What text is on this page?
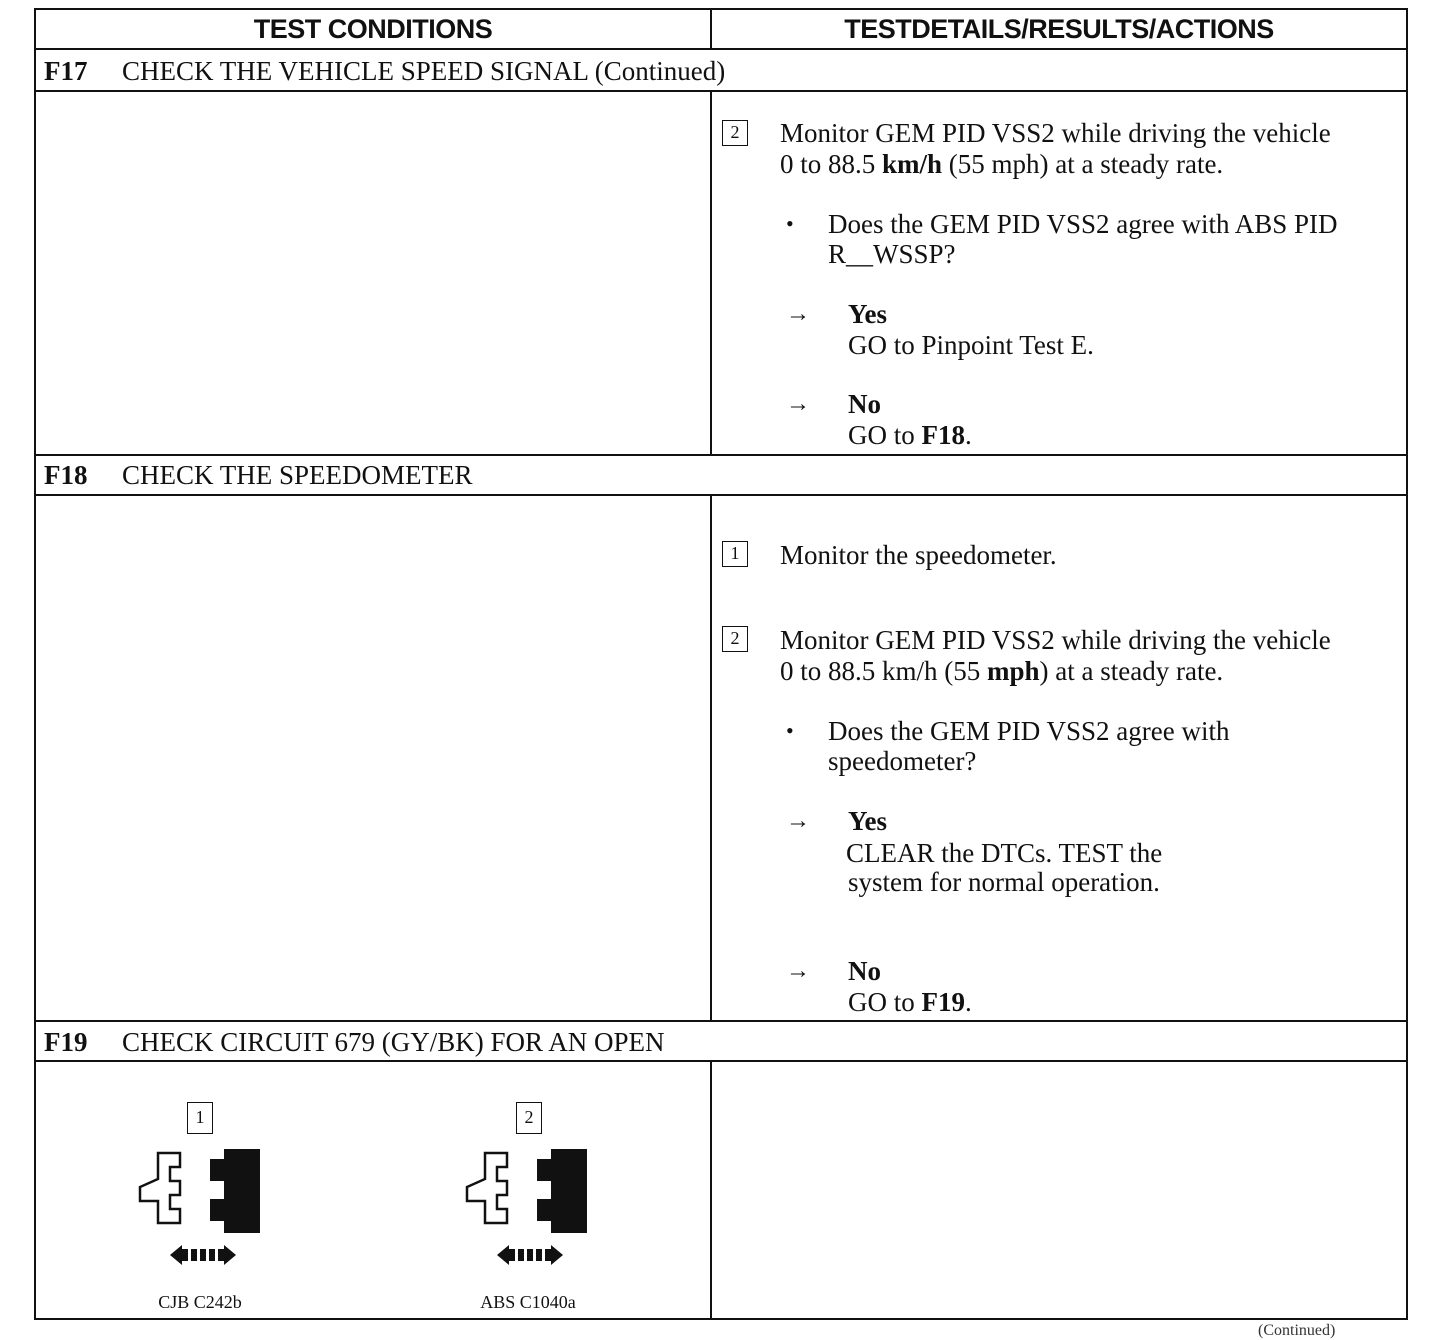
TEST CONDITIONS	TESTDETAILS/RESULTS/ACTIONS
F17 CHECK THE VEHICLE SPEED SIGNAL (Continued)
2	Monitor GEM PID VSS2 while driving the vehicle
0 to 88.5 km/h (55 mph) at a steady rate.
• Does the GEM PID VSS2 agree with ABS PID
R__WSSP?
→ Yes
GO to Pinpoint Test E.
→ No
GO to F18.
F18 CHECK THE SPEEDOMETER
1	Monitor the speedometer.
2	Monitor GEM PID VSS2 while driving the vehicle
0 to 88.5 km/h (55 mph) at a steady rate.
• Does the GEM PID VSS2 agree with
speedometer?
→ Yes
CLEAR the DTCs. TEST the
system for normal operation.
→ No
GO to F19.
F19 CHECK CIRCUIT 679 (GY/BK) FOR AN OPEN
1
CJB C242b
2
ABS C1040a
(Continued)
